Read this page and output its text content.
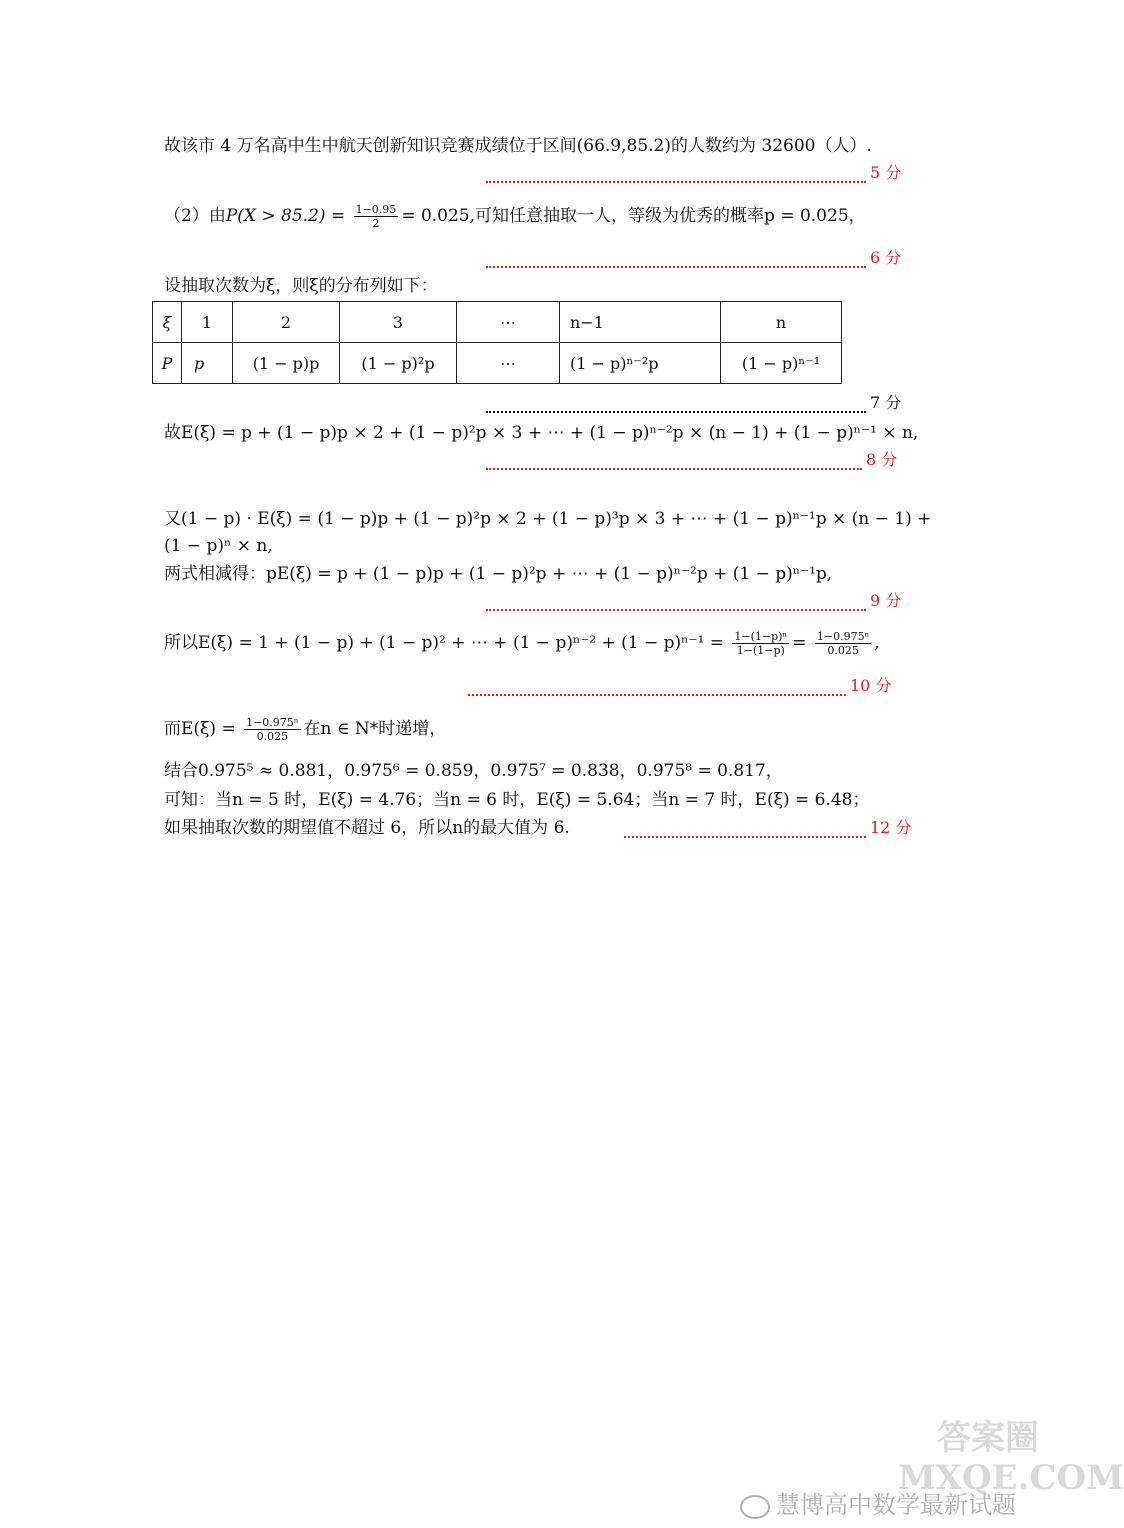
故该市 4 万名高中生中航天创新知识竞赛成绩位于区间(66.9,85.2)的人数约为 32600（人）.
5 分
（2）由$P(X > 85.2) = \frac{1-0.95}{2} = 0.025$,可知任意抽取一人，等级为优秀的概率p = 0.025，
6 分
设抽取次数为ξ，则ξ的分布列如下：
ξ	1	2	3	⋯	n−1	n
P	p	(1 − p)p	(1 − p)²p	⋯	(1 − p)ⁿ⁻²p	(1 − p)ⁿ⁻¹
7 分
故E(ξ) = p + (1 − p)p × 2 + (1 − p)²p × 3 + ⋯ + (1 − p)ⁿ⁻²p × (n − 1) + (1 − p)ⁿ⁻¹ × n,
8 分
又(1 − p) · E(ξ) = (1 − p)p + (1 − p)²p × 2 + (1 − p)³p × 3 + ⋯ + (1 − p)ⁿ⁻¹p × (n − 1) +
(1 − p)ⁿ × n,
两式相减得：pE(ξ) = p + (1 − p)p + (1 − p)²p + ⋯ + (1 − p)ⁿ⁻²p + (1 − p)ⁿ⁻¹p,
9 分
所以E(ξ) = 1 + (1 − p) + (1 − p)² + ⋯ + $(1 - p)^{n-2} + (1 - p)^{n-1} = \frac{\text{1−(1−p)ⁿ}}{1-(1-p)} = \frac{\text{1−0.975ⁿ}}{0.025}$ ,
10 分
而$E(\xi) = \frac{\text{1−0.975ⁿ}}{0.025}$ 在n ∈ N*时递增，
结合0.975⁵ ≈ 0.881，0.975⁶ = 0.859，0.975⁷ = 0.838，0.975⁸ = 0.817，
可知：当n = 5 时，E(ξ) = 4.76；当n = 6 时，E(ξ) = 5.64；当n = 7 时，E(ξ) = 6.48；
如果抽取次数的期望值不超过 6，所以n的最大值为 6.	12 分
答案圈 MXQE.COM
慧博高中数学最新试题
